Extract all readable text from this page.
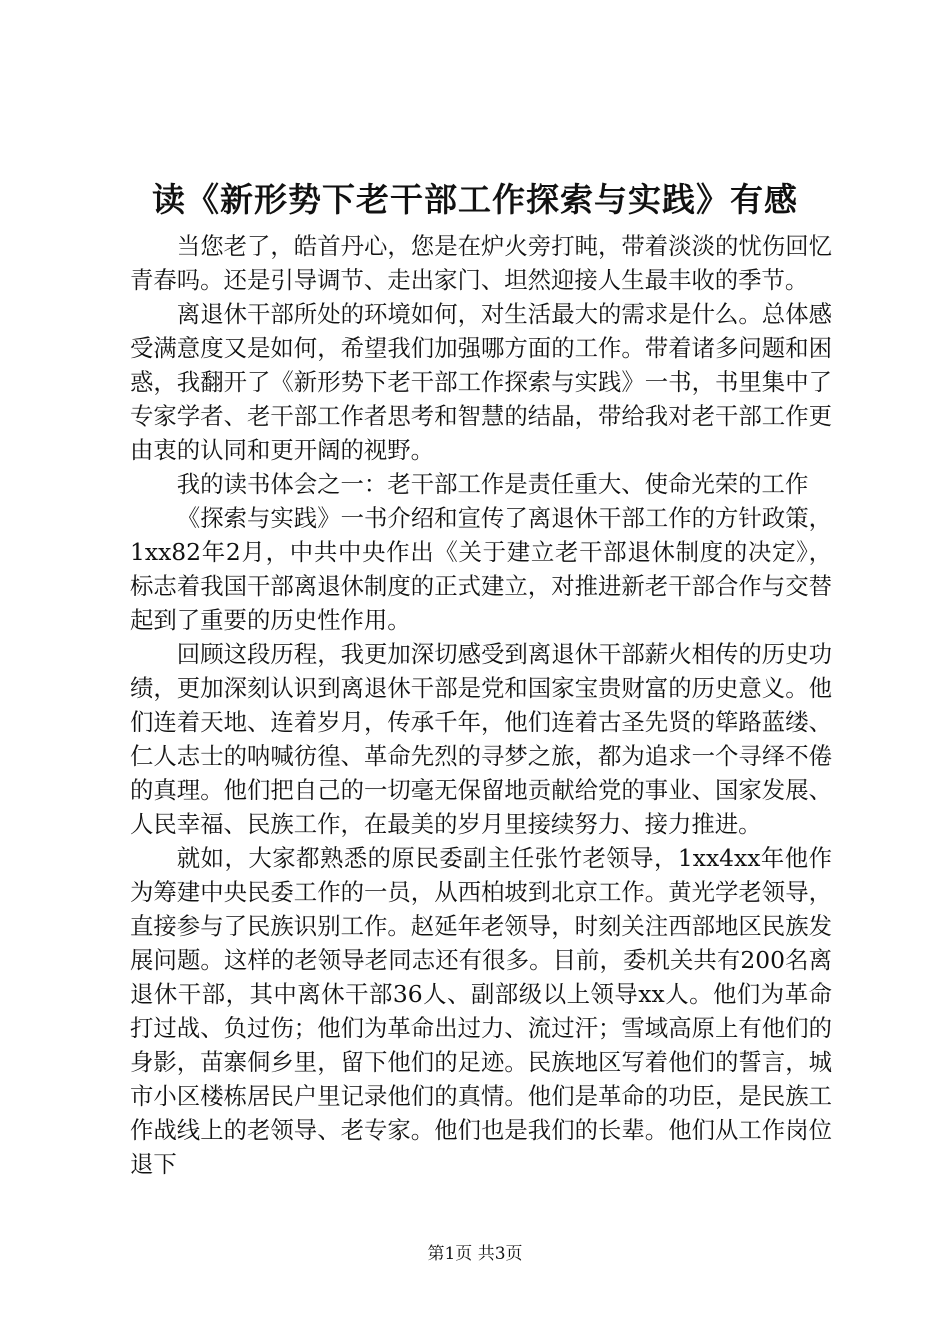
读《新形势下老干部工作探索与实践》有感

当您老了，皓首丹心，您是在炉火旁打盹，带着淡淡的忧伤回忆青春吗。还是引导调节、走出家门、坦然迎接人生最丰收的季节。

离退休干部所处的环境如何，对生活最大的需求是什么。总体感受满意度又是如何，希望我们加强哪方面的工作。带着诸多问题和困惑，我翻开了《新形势下老干部工作探索与实践》一书，书里集中了专家学者、老干部工作者思考和智慧的结晶，带给我对老干部工作更由衷的认同和更开阔的视野。

我的读书体会之一：老干部工作是责任重大、使命光荣的工作

《探索与实践》一书介绍和宣传了离退休干部工作的方针政策，1xx82年2月，中共中央作出《关于建立老干部退休制度的决定》，标志着我国干部离退休制度的正式建立，对推进新老干部合作与交替起到了重要的历史性作用。

回顾这段历程，我更加深切感受到离退休干部薪火相传的历史功绩，更加深刻认识到离退休干部是党和国家宝贵财富的历史意义。他们连着天地、连着岁月，传承千年，他们连着古圣先贤的筚路蓝缕、仁人志士的呐喊彷徨、革命先烈的寻梦之旅，都为追求一个寻绎不倦的真理。他们把自己的一切毫无保留地贡献给党的事业、国家发展、人民幸福、民族工作，在最美的岁月里接续努力、接力推进。

就如，大家都熟悉的原民委副主任张竹老领导，1xx4xx年他作为筹建中央民委工作的一员，从西柏坡到北京工作。黄光学老领导，直接参与了民族识别工作。赵延年老领导，时刻关注西部地区民族发展问题。这样的老领导老同志还有很多。目前，委机关共有200名离退休干部，其中离休干部36人、副部级以上领导xx人。他们为革命打过战、负过伤；他们为革命出过力、流过汗；雪域高原上有他们的身影，苗寨侗乡里，留下他们的足迹。民族地区写着他们的誓言，城市小区楼栋居民户里记录他们的真情。他们是革命的功臣，是民族工作战线上的老领导、老专家。他们也是我们的长辈。他们从工作岗位退下

第1页 共3页
